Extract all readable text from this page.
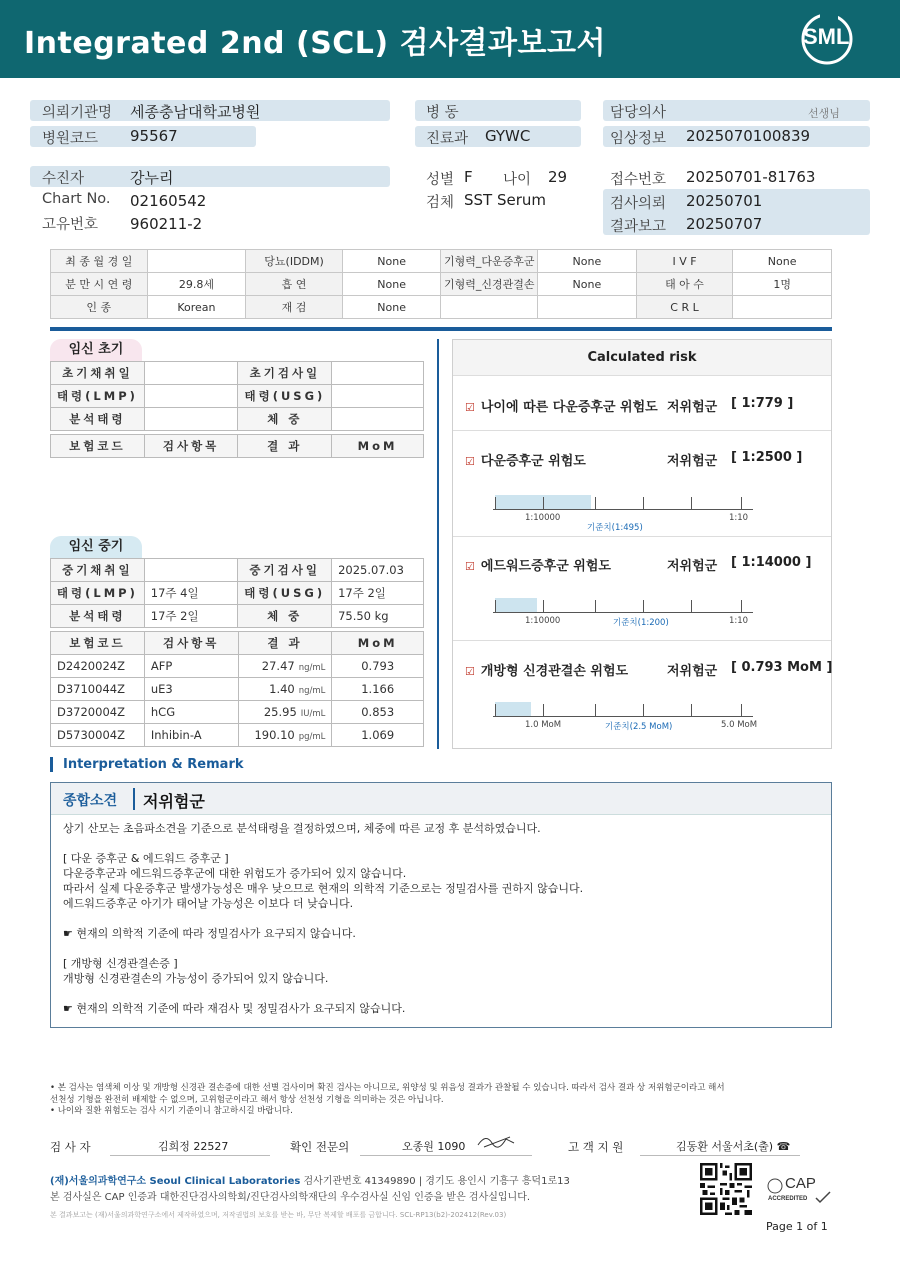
Integrated 2nd (SCL) 검사결과보고서	SML
의뢰기관명 세종충남대학교병원
병원코드 95567
병 동
진료과 GYWC
담당의사	선생님
임상정보 2025070100839
수진자	강누리
Chart No. 02160542
고유번호 960211-2
성별 F 나이 29
검체 SST Serum
접수번호 20250701-81763
검사의뢰 20250701
결과보고 20250707
최 종 월 경 일		당뇨(IDDM)	None	기형력_다운증후군	None	I V F	None
분 만 시 연 령	29.8세	흡 연	None	기형력_신경관결손	None	태 아 수	1명
인 종	Korean	재 검	None			C R L	
임신 초기
초기채취일		초기검사일	
태령(LMP)		태령(USG)	
분석태령		체 중	
보험코드	검사항목	결 과	MoM
임신 중기
중기채취일		중기검사일	2025.07.03
태령(LMP)	17주 4일	태령(USG)	17주 2일
분석태령	17주 2일	체 중	75.50 kg
보험코드	검사항목	결 과	MoM
D2420024Z	AFP	27.47 ng/mL	0.793
D3710044Z	uE3	1.40 ng/mL	1.166
D3720004Z	hCG	25.95 IU/mL	0.853
D5730004Z	Inhibin-A	190.10 pg/mL	1.069
Calculated risk
☑ 나이에 따른 다운증후군 위험도 저위험군 [ 1:779 ]
☑ 다운증후군 위험도	저위험군 [ 1:2500 ]
1:10000
기준치(1:495)
1:10
☑ 에드워드증후군 위험도	저위험군 [ 1:14000 ]
1:10000	기준치(1:200)	1:10
☑ 개방형 신경관결손 위험도	저위험군 [ 0.793 MoM ]
1.0 MoM	기준치(2.5 MoM)	5.0 MoM
Interpretation & Remark
종합소견 저위험군
상기 산모는 초음파소견을 기준으로 분석태령을 결정하였으며, 체중에 따른 교정 후 분석하였습니다.

[ 다운 증후군 & 에드워드 증후군 ]
다운증후군과 에드워드증후군에 대한 위험도가 증가되어 있지 않습니다.
따라서 실제 다운증후군 발생가능성은 매우 낮으므로 현재의 의학적 기준으로는 정밀검사를 권하지 않습니다.
에드워드증후군 아기가 태어날 가능성은 이보다 더 낮습니다.

☛ 현재의 의학적 기준에 따라 정밀검사가 요구되지 않습니다.

[ 개방형 신경관결손증 ]
개방형 신경관결손의 가능성이 증가되어 있지 않습니다.

☛ 현재의 의학적 기준에 따라 재검사 및 정밀검사가 요구되지 않습니다.
• 본 검사는 염색체 이상 및 개방형 신경관 결손증에 대한 선별 검사이며 확진 검사는 아니므로, 위양성 및 위음성 결과가 관찰될 수 있습니다. 따라서 검사 결과 상 저위험군이라고 해서
선천성 기형을 완전히 배제할 수 없으며, 고위험군이라고 해서 항상 선천성 기형을 의미하는 것은 아닙니다.
• 나이와 질환 위험도는 검사 시기 기준이니 참고하시길 바랍니다.
검 사 자	김희정 22527	확인 전문의	오종원 1090	고 객 지 원	김동환 서울서초(출) ☎
(재)서울의과학연구소 Seoul Clinical Laboratories 검사기관번호 41349890 | 경기도 용인시 기흥구 흥덕1로13
본 검사실은 CAP 인증과 대한진단검사의학회/진단검사의학재단의 우수검사실 신임 인증을 받은 검사실입니다.
본 결과보고는 (재)서울의과학연구소에서 제작하였으며, 저작권법의 보호를 받는 바, 무단 복제할 배포를 금합니다. SCL-RP13(b2)-202412(Rev.03)
CAP
ACCREDITED
Page 1 of 1
